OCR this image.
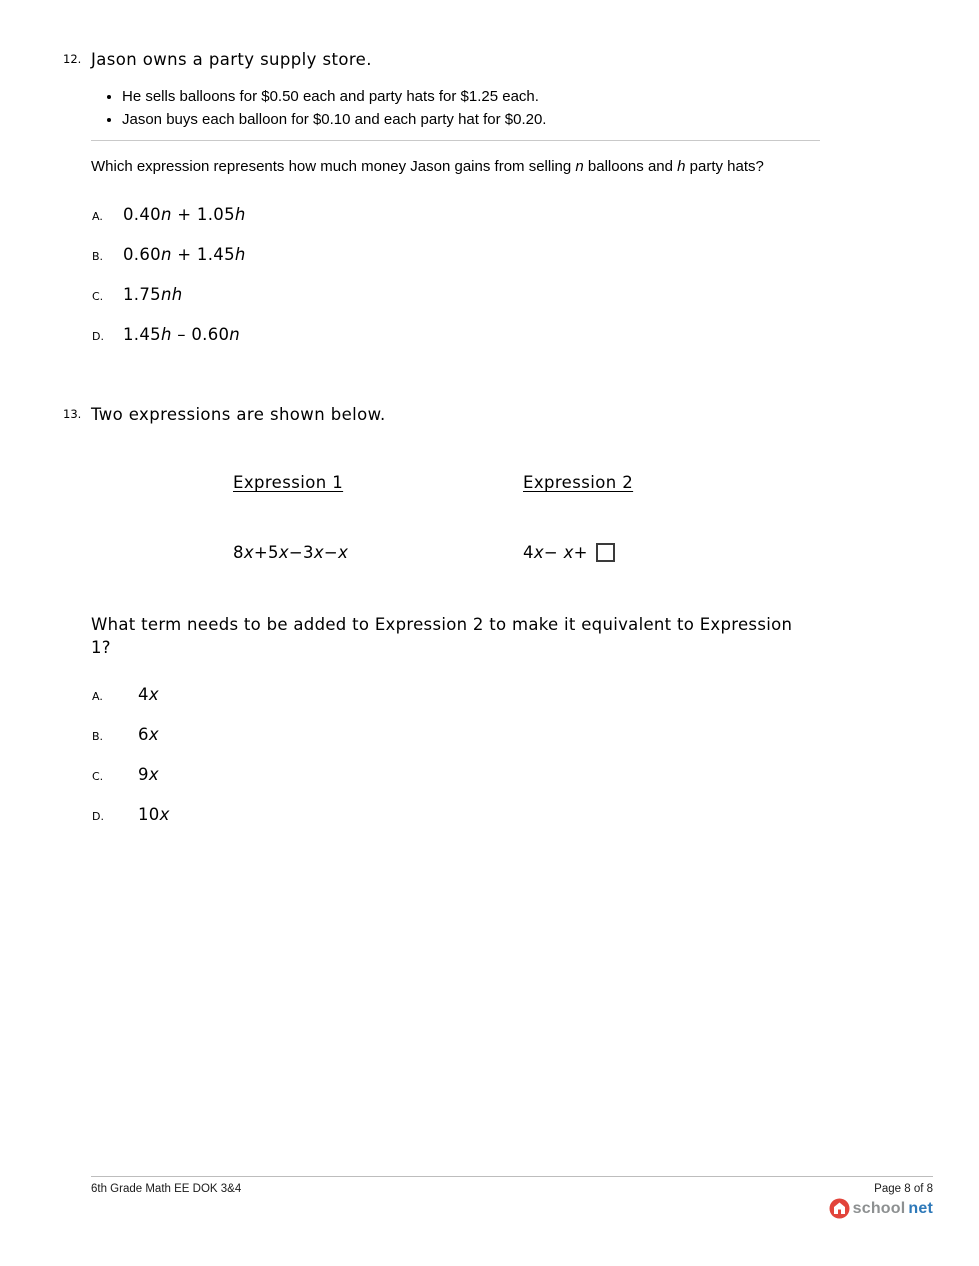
12. Jason owns a party supply store.
• He sells balloons for $0.50 each and party hats for $1.25 each.
• Jason buys each balloon for $0.10 and each party hat for $0.20.

Which expression represents how much money Jason gains from selling n balloons and h party hats?

A.	0.40n + 1.05h
B.	0.60n + 1.45h
C.	1.75nh
D.	1.45h – 0.60n
13. Two expressions are shown below.
Expression 1	Expression 2
8x+5x−3x−x	4x− x+

What term needs to be added to Expression 2 to make it equivalent to Expression 1?

A.	4x
B.	6x
C.	9x
D.	10x
6th Grade Math EE DOK 3&4	Page 8 of 8
school net
